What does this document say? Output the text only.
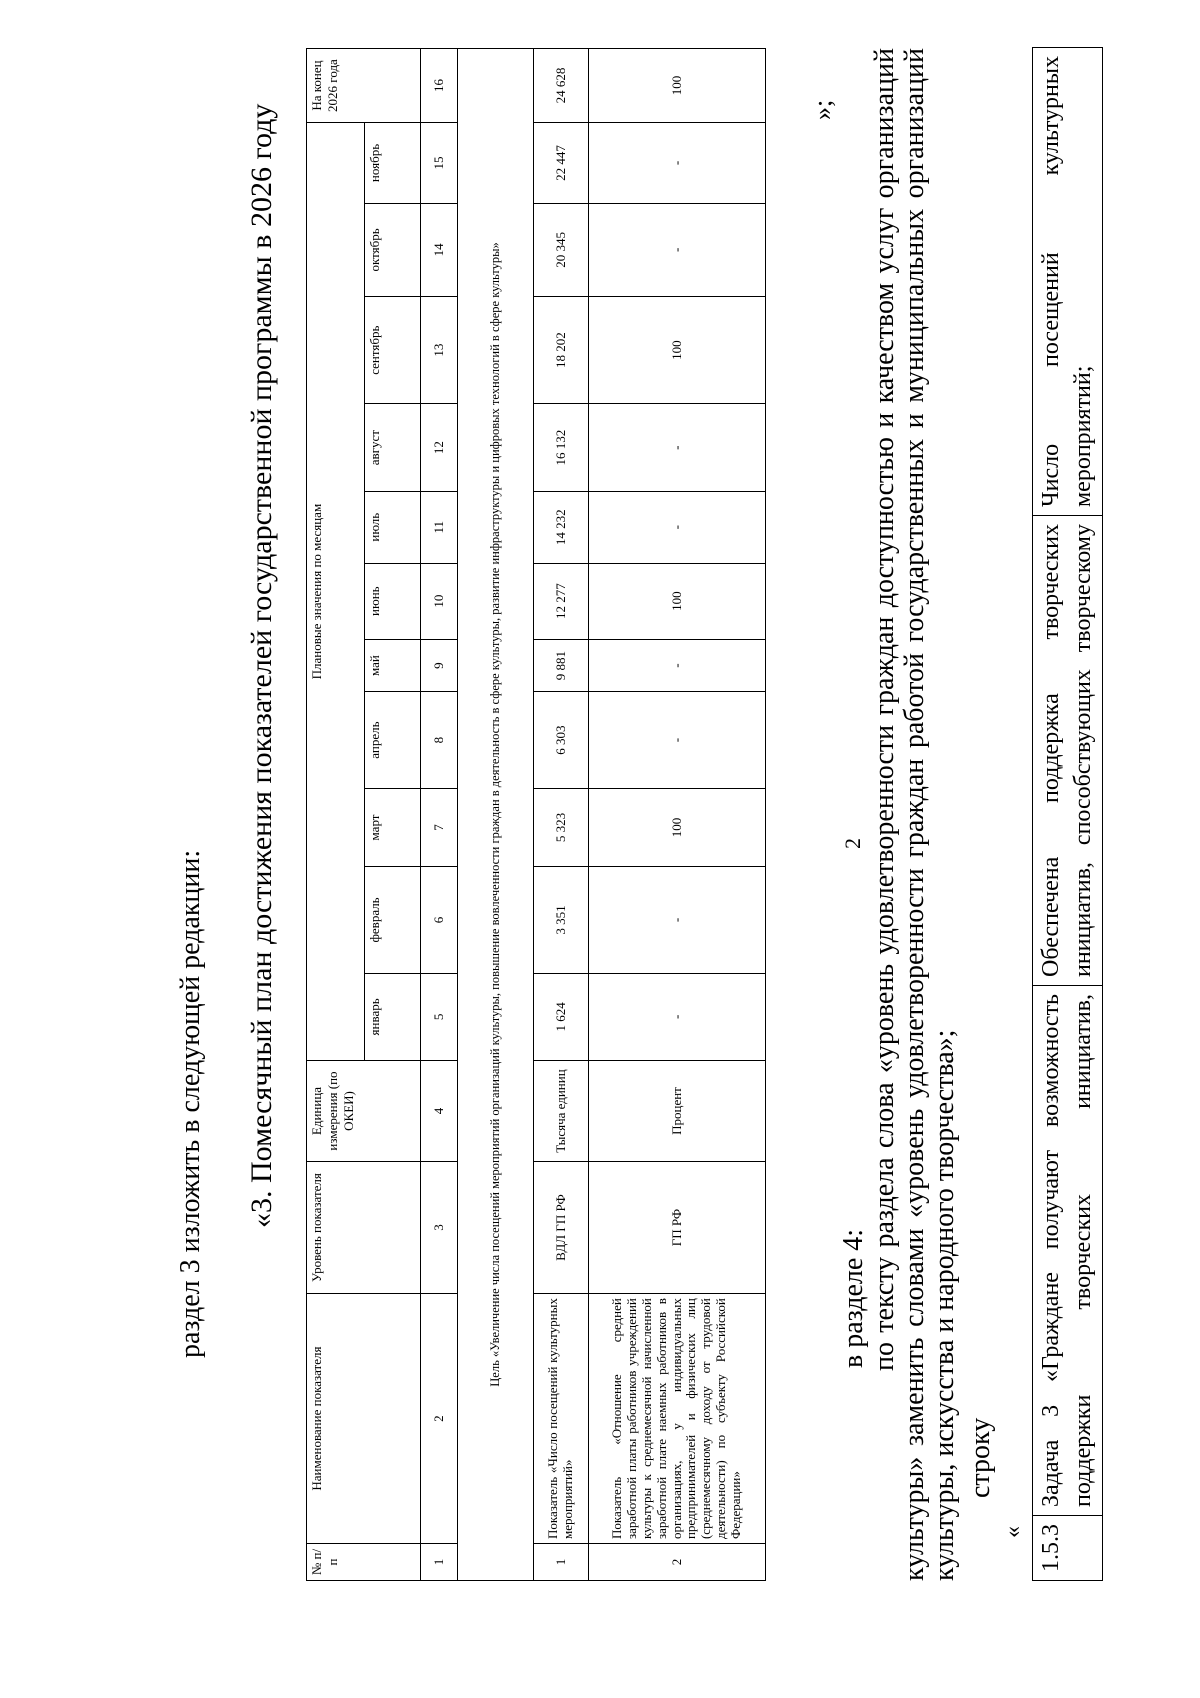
2
раздел 3 изложить в следующей редакции: «3. Помесячный план достижения показателей государственной программы в 2026 году
№ п/п	Наименование показателя	Уровень показателя	Единица измерения (по ОКЕИ)	Плановые значения по месяцам											На конец 2026 года
				январь	февраль	март	апрель	май	июнь	июль	август	сентябрь	октябрь	ноябрь	
1	2	3	4	5	6	7	8	9	10	11	12	13	14	15	16
Цель «Увеличение числа посещений мероприятий организаций культуры, повышение вовлеченности граждан в деятельность в сфере культуры, развитие инфраструктуры и цифровых технологий в сфере культуры»															
1	Показатель «Число посещений культурных мероприятий»	ВДЛ ГП РФ	Тысяча единиц	1 624	3 351	5 323	6 303	9 881	12 277	14 232	16 132	18 202	20 345	22 447	24 628
2	Показатель «Отношение средней заработной платы работников учреждений культуры к среднемесячной начисленной заработной плате наемных работников в организациях, у индивидуальных предпринимателей и физических лиц (среднемесячному доходу от трудовой деятельности) по субъекту Российской Федерации»	ГП РФ	Процент	-	-	100	-	-	100	-	-	100	-	-	100
»;
в разделе 4: по тексту раздела слова «уровень удовлетворенности граждан доступностью и качеством услуг организаций культуры» заменить словами «уровень удовлетворенности граждан работой государственных и муниципальных организаций культуры, искусства и народного творчества»; строку
« 1.5.3	Задача 3 «Граждане получают возможность поддержки творческих инициатив,	Обеспечена поддержка творческих инициатив, способствующих творческому	
Число посещений культурных мероприятий;
